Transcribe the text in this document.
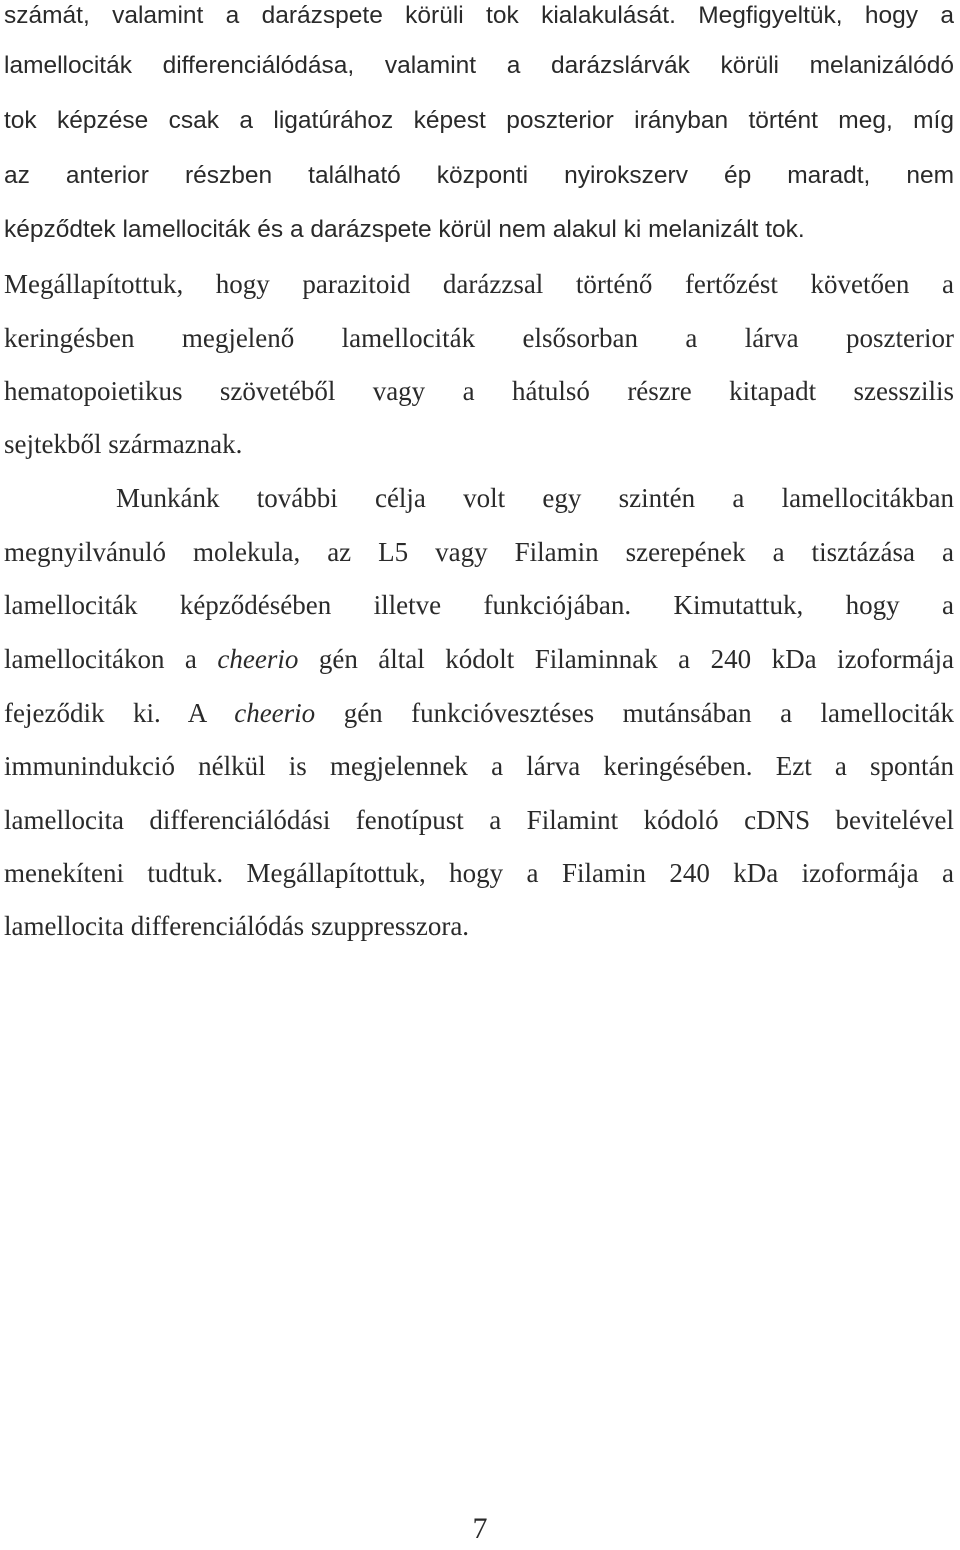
számát, valamint a darázspete körüli tok kialakulását. Megfigyeltük, hogy a
lamellociták differenciálódása, valamint a darázslárvák körüli melanizálódó
tok képzése csak a ligatúrához képest poszterior irányban történt meg, míg
az anterior részben található központi nyirokszerv ép maradt, nem
képződtek lamellociták és a darázspete körül nem alakul ki melanizált tok.
Megállapítottuk, hogy parazitoid darázzsal történő fertőzést követően a
keringésben megjelenő lamellociták elsősorban a lárva poszterior
hematopoietikus szövetéből vagy a hátulsó részre kitapadt szesszilis
sejtekből származnak.
Munkánk további célja volt egy szintén a lamellocitákban
megnyilvánuló molekula, az L5 vagy Filamin szerepének a tisztázása a
lamellociták képződésében illetve funkciójában. Kimutattuk, hogy a
lamellocitákon a cheerio gén által kódolt Filaminnak a 240 kDa izoformája
fejeződik ki. A cheerio gén funkcióvesztéses mutánsában a lamellociták
immunindukció nélkül is megjelennek a lárva keringésében. Ezt a spontán
lamellocita differenciálódási fenotípust a Filamint kódoló cDNS bevitelével
menekíteni tudtuk. Megállapítottuk, hogy a Filamin 240 kDa izoformája a
lamellocita differenciálódás szuppresszora.
7
